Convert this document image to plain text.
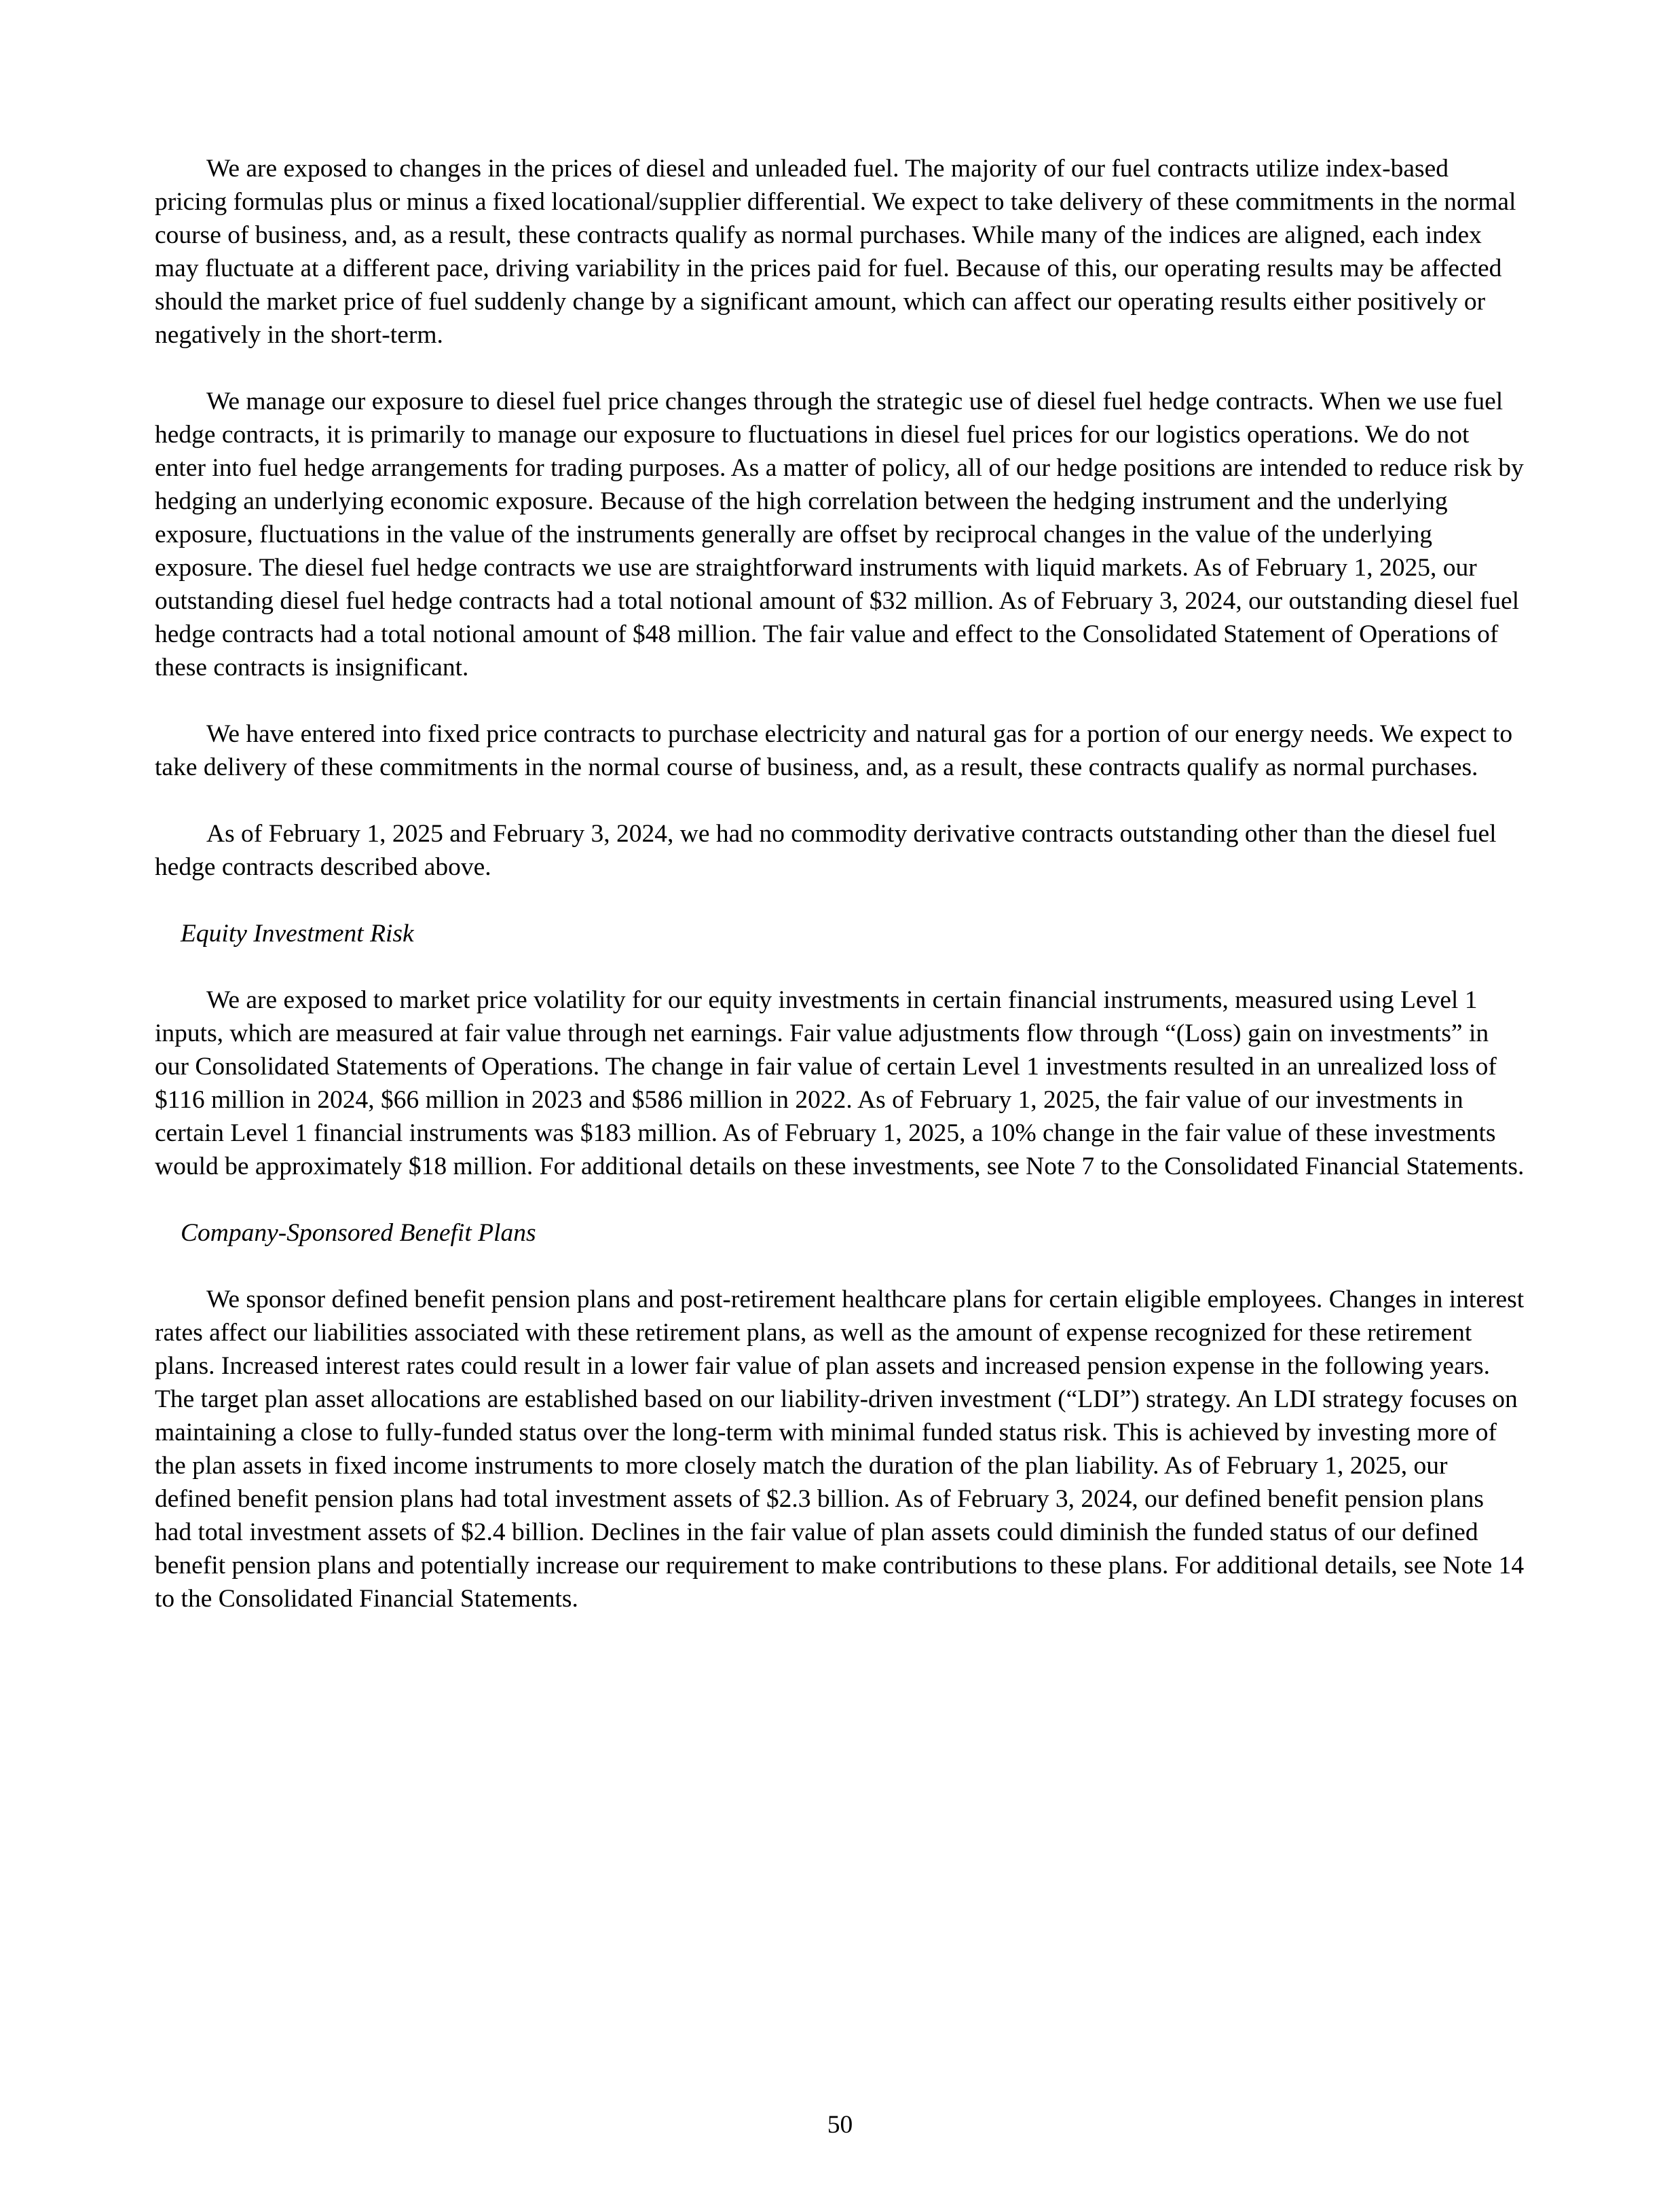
We are exposed to changes in the prices of diesel and unleaded fuel. The majority of our fuel contracts utilize index-based pricing formulas plus or minus a fixed locational/supplier differential. We expect to take delivery of these commitments in the normal course of business, and, as a result, these contracts qualify as normal purchases. While many of the indices are aligned, each index may fluctuate at a different pace, driving variability in the prices paid for fuel. Because of this, our operating results may be affected should the market price of fuel suddenly change by a significant amount, which can affect our operating results either positively or negatively in the short-term.

We manage our exposure to diesel fuel price changes through the strategic use of diesel fuel hedge contracts. When we use fuel hedge contracts, it is primarily to manage our exposure to fluctuations in diesel fuel prices for our logistics operations. We do not enter into fuel hedge arrangements for trading purposes. As a matter of policy, all of our hedge positions are intended to reduce risk by hedging an underlying economic exposure. Because of the high correlation between the hedging instrument and the underlying exposure, fluctuations in the value of the instruments generally are offset by reciprocal changes in the value of the underlying exposure. The diesel fuel hedge contracts we use are straightforward instruments with liquid markets. As of February 1, 2025, our outstanding diesel fuel hedge contracts had a total notional amount of $32 million. As of February 3, 2024, our outstanding diesel fuel hedge contracts had a total notional amount of $48 million. The fair value and effect to the Consolidated Statement of Operations of these contracts is insignificant.

We have entered into fixed price contracts to purchase electricity and natural gas for a portion of our energy needs. We expect to take delivery of these commitments in the normal course of business, and, as a result, these contracts qualify as normal purchases.

As of February 1, 2025 and February 3, 2024, we had no commodity derivative contracts outstanding other than the diesel fuel hedge contracts described above.

Equity Investment Risk

We are exposed to market price volatility for our equity investments in certain financial instruments, measured using Level 1 inputs, which are measured at fair value through net earnings. Fair value adjustments flow through “(Loss) gain on investments” in our Consolidated Statements of Operations. The change in fair value of certain Level 1 investments resulted in an unrealized loss of $116 million in 2024, $66 million in 2023 and $586 million in 2022. As of February 1, 2025, the fair value of our investments in certain Level 1 financial instruments was $183 million. As of February 1, 2025, a 10% change in the fair value of these investments would be approximately $18 million. For additional details on these investments, see Note 7 to the Consolidated Financial Statements.

Company-Sponsored Benefit Plans

We sponsor defined benefit pension plans and post-retirement healthcare plans for certain eligible employees. Changes in interest rates affect our liabilities associated with these retirement plans, as well as the amount of expense recognized for these retirement plans. Increased interest rates could result in a lower fair value of plan assets and increased pension expense in the following years. The target plan asset allocations are established based on our liability-driven investment (“LDI”) strategy. An LDI strategy focuses on maintaining a close to fully-funded status over the long-term with minimal funded status risk. This is achieved by investing more of the plan assets in fixed income instruments to more closely match the duration of the plan liability. As of February 1, 2025, our defined benefit pension plans had total investment assets of $2.3 billion. As of February 3, 2024, our defined benefit pension plans had total investment assets of $2.4 billion. Declines in the fair value of plan assets could diminish the funded status of our defined benefit pension plans and potentially increase our requirement to make contributions to these plans. For additional details, see Note 14 to the Consolidated Financial Statements.

50
